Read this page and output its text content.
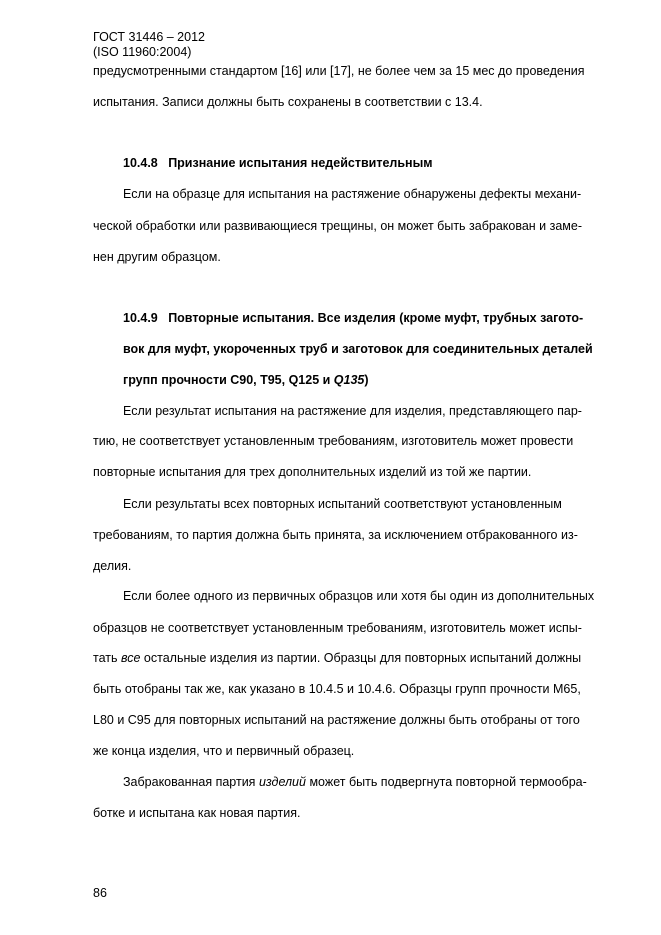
ГОСТ 31446 – 2012
(ISO 11960:2004)
предусмотренными стандартом [16] или [17], не более чем за 15 мес до проведения
испытания. Записи должны быть сохранены в соответствии с 13.4.
10.4.8 Признание испытания недействительным
Если на образце для испытания на растяжение обнаружены дефекты механи-
ческой обработки или развивающиеся трещины, он может быть забракован и заме-
нен другим образцом.
10.4.9 Повторные испытания. Все изделия (кроме муфт, трубных загото-
вок для муфт, укороченных труб и заготовок для соединительных деталей
групп прочности C90, T95, Q125 и Q135)
Если результат испытания на растяжение для изделия, представляющего пар-
тию, не соответствует установленным требованиям, изготовитель может провести
повторные испытания для трех дополнительных изделий из той же партии.
Если результаты всех повторных испытаний соответствуют установленным
требованиям, то партия должна быть принята, за исключением отбракованного из-
делия.
Если более одного из первичных образцов или хотя бы один из дополнительных
образцов не соответствует установленным требованиям, изготовитель может испы-
тать все остальные изделия из партии. Образцы для повторных испытаний должны
быть отобраны так же, как указано в 10.4.5 и 10.4.6. Образцы групп прочности M65,
L80 и C95 для повторных испытаний на растяжение должны быть отобраны от того
же конца изделия, что и первичный образец.
Забракованная партия изделий может быть подвергнута повторной термообра-
ботке и испытана как новая партия.
86
